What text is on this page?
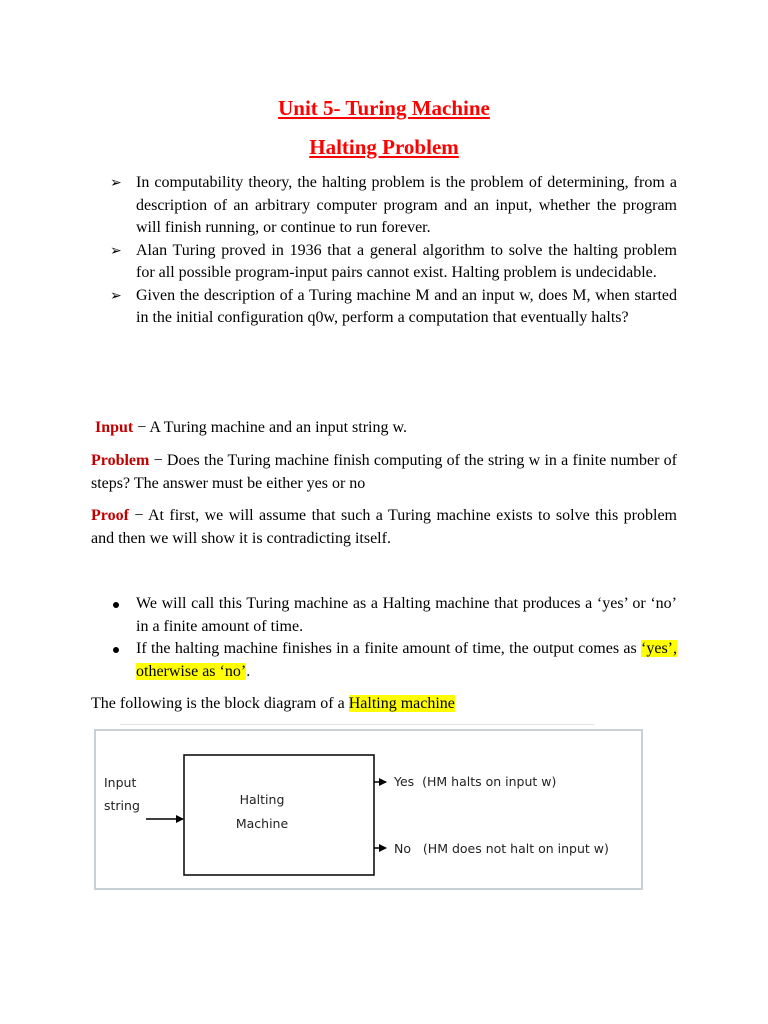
Unit 5- Turing Machine
Halting Problem
➢ In computability theory, the halting problem is the problem of determining, from a description of an arbitrary computer program and an input, whether the program will finish running, or continue to run forever.
➢ Alan Turing proved in 1936 that a general algorithm to solve the halting problem for all possible program-input pairs cannot exist. Halting problem is undecidable.
➢ Given the description of a Turing machine M and an input w, does M, when started in the initial configuration q0w, perform a computation that eventually halts?

Input − A Turing machine and an input string w.

Problem − Does the Turing machine finish computing of the string w in a finite number of steps? The answer must be either yes or no

Proof − At first, we will assume that such a Turing machine exists to solve this problem and then we will show it is contradicting itself.

We will call this Turing machine as a Halting machine that produces a ‘yes’ or ‘no’ in a finite amount of time.
If the halting machine finishes in a finite amount of time, the output comes as ‘yes’, otherwise as ‘no’.

The following is the block diagram of a Halting machine

Input
string	Halting
Machine
Yes  (HM halts on input w)
No   (HM does not halt on input w)
